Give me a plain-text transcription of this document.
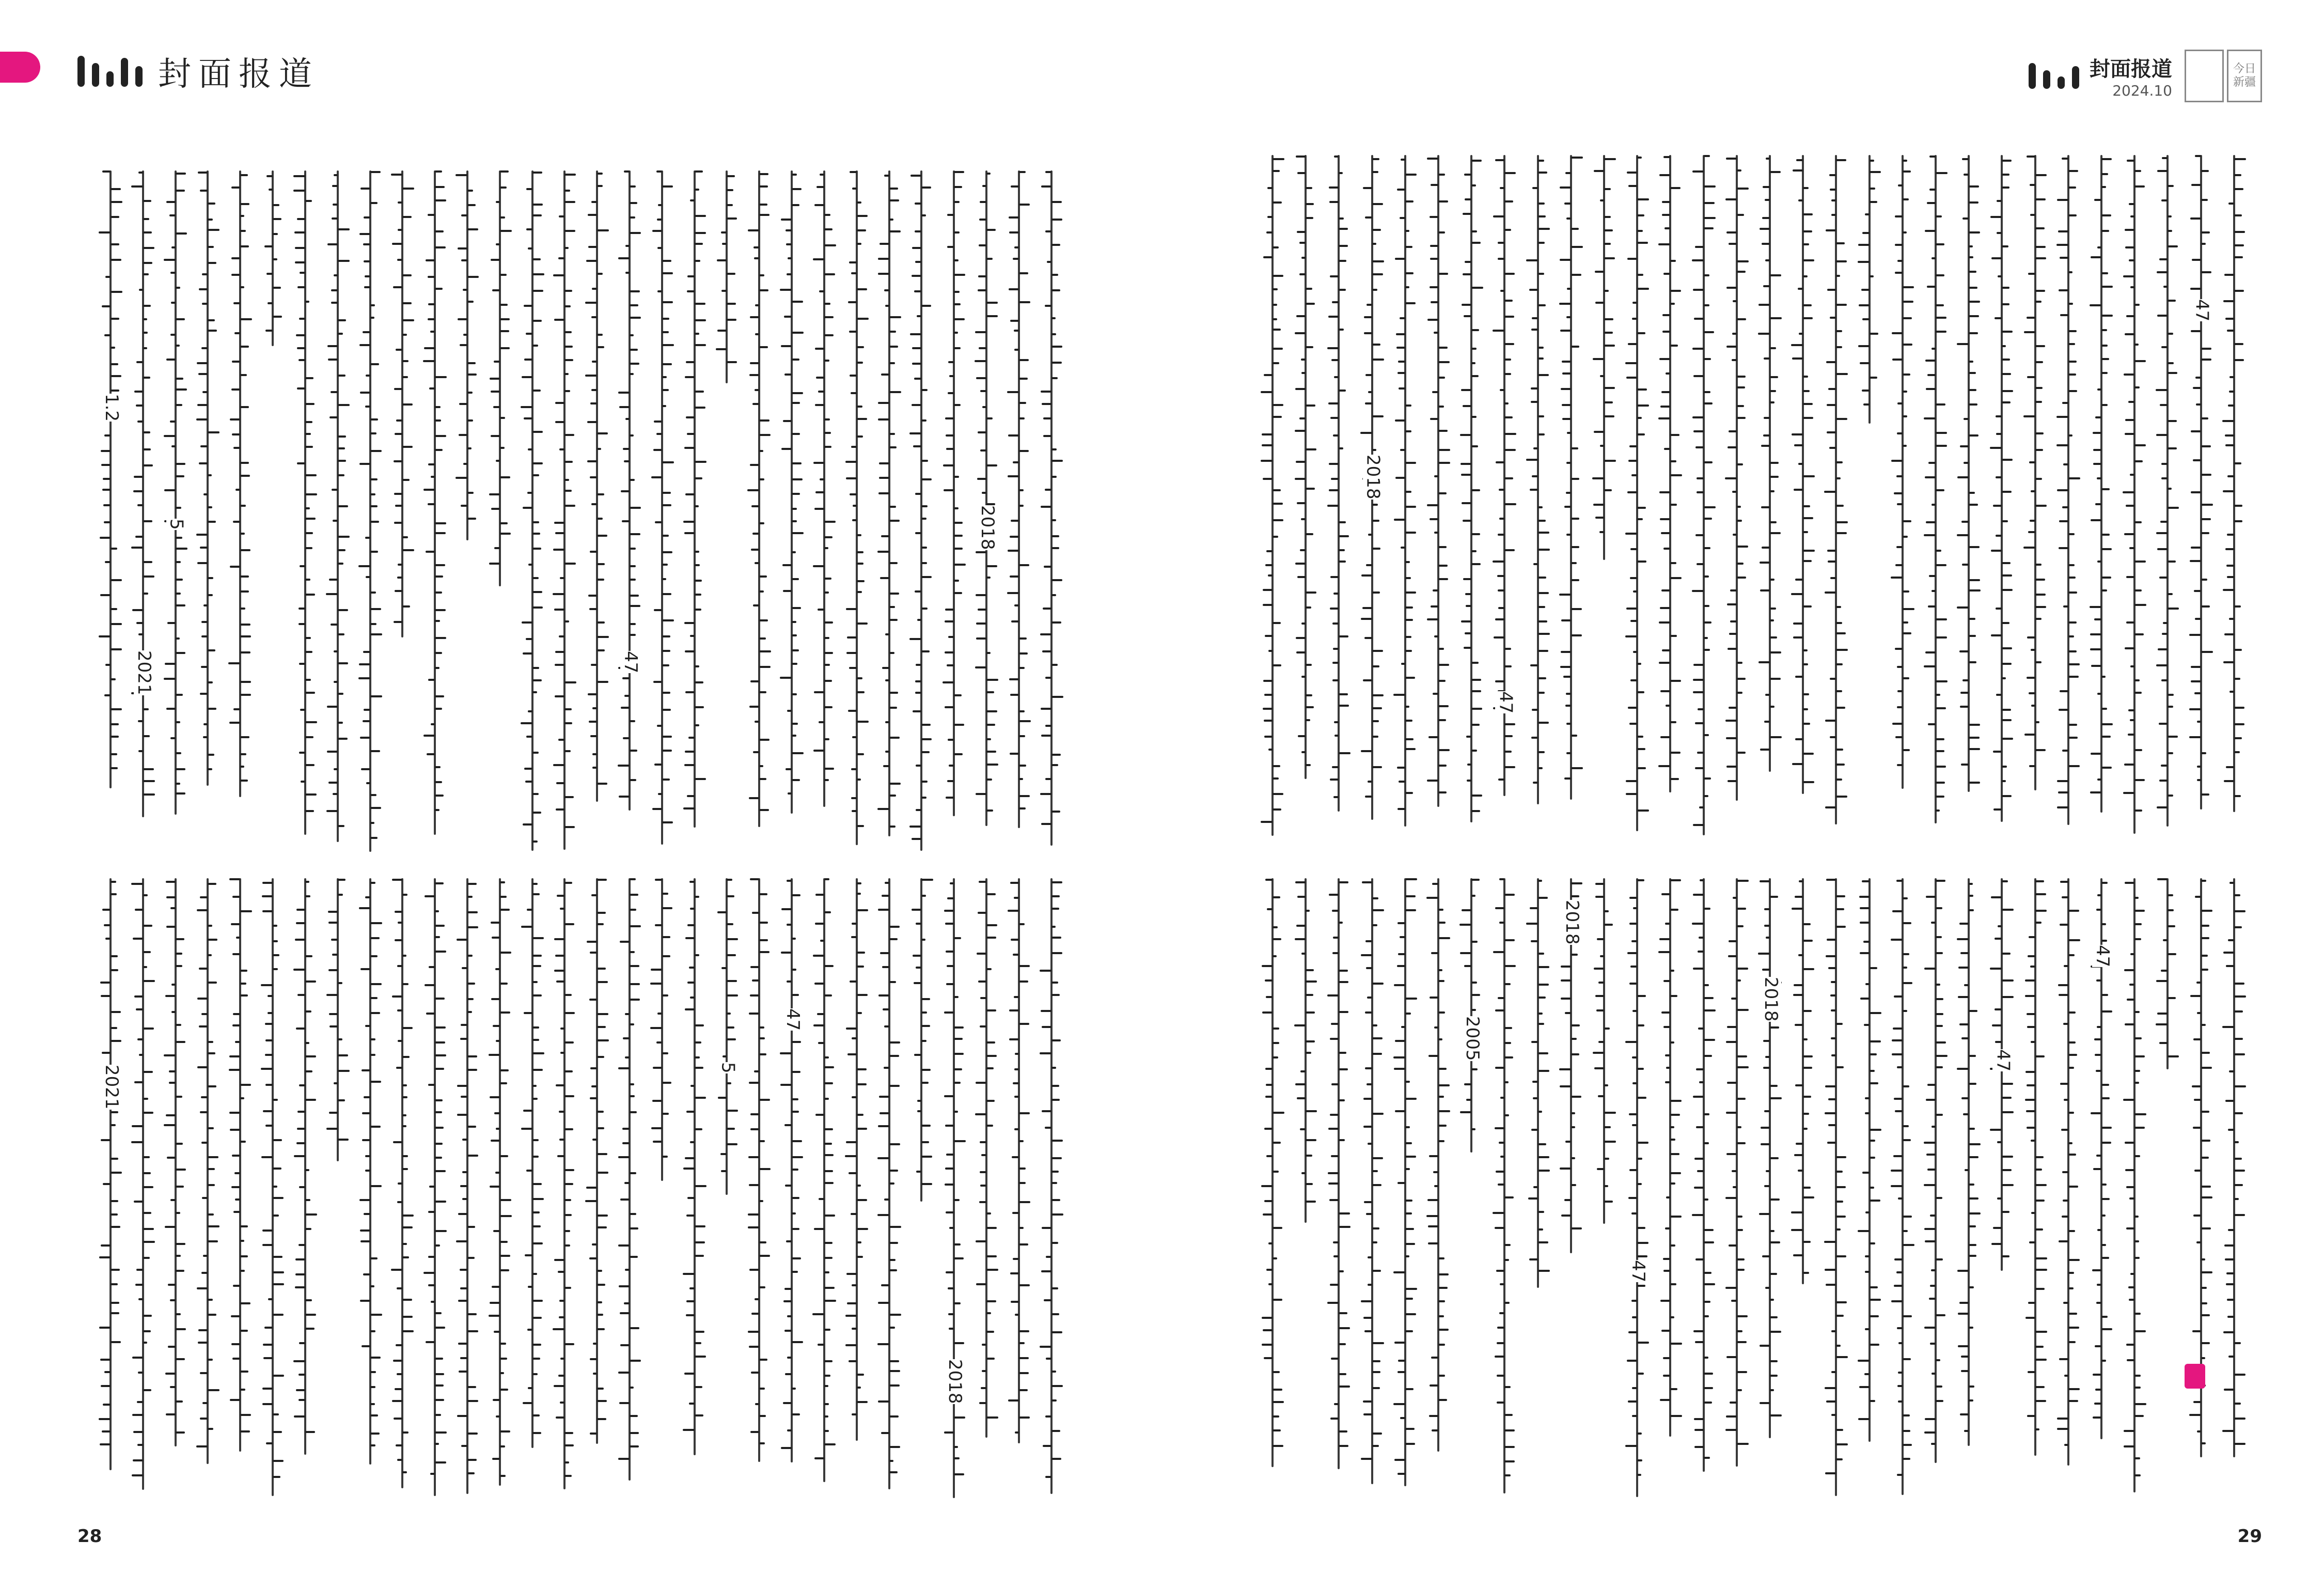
封面报道	封面报道
2024.10
今日新疆
2018
47
5
2021
1.2
2018
47
5
2021
47
47
2018
47
47
2018
47
2018
2005
28	29
